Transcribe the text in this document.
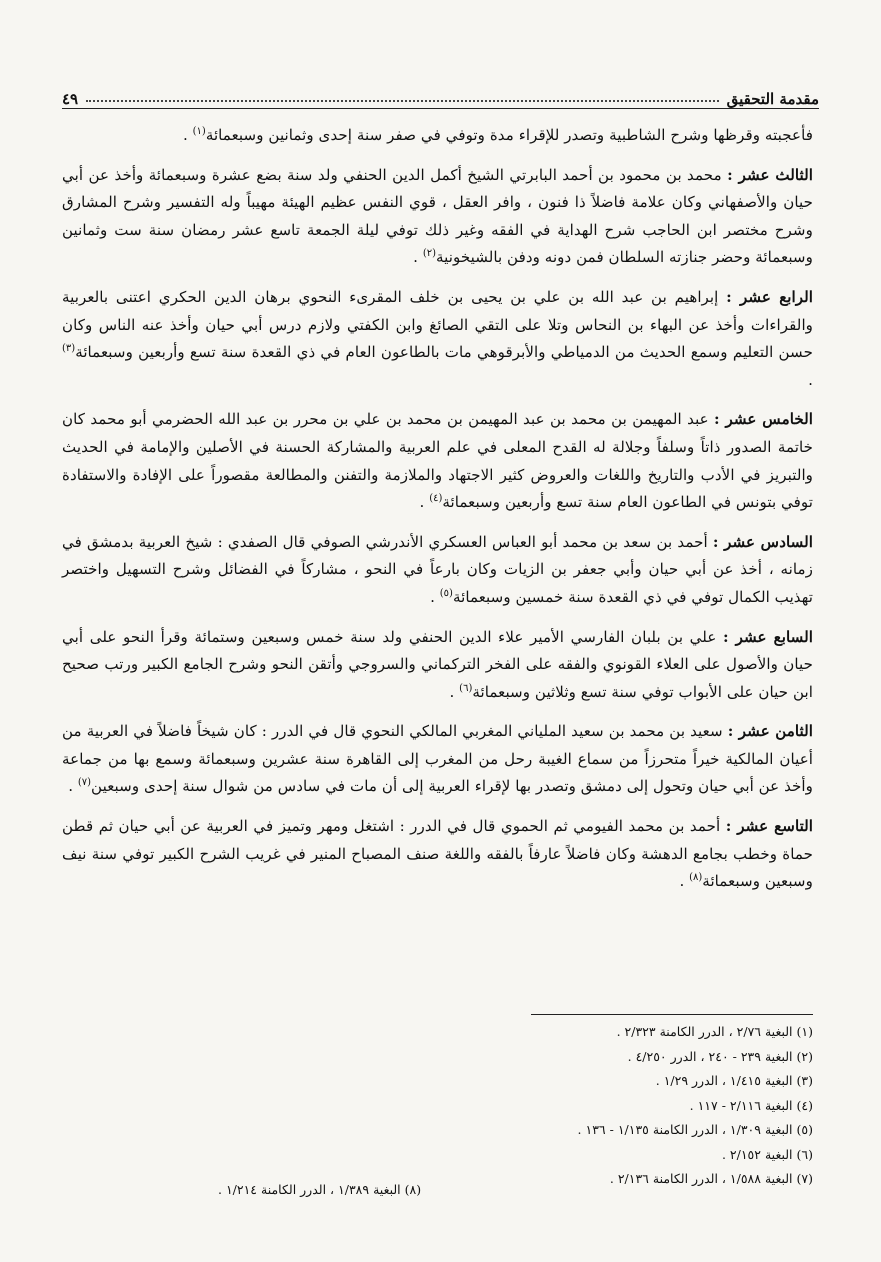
مقدمة التحقيق
٤٩

فأعجبته وقرظها وشرح الشاطبية وتصدر للإقراء مدة وتوفي في صفر سنة إحدى وثمانين وسبعمائة$^{(١)}$ .

الثالث عشر : محمد بن محمود بن أحمد البابرتي الشيخ أكمل الدين الحنفي ولد سنة بضع عشرة وسبعمائة وأخذ عن أبي حيان والأصفهاني وكان علامة فاضلاً ذا فنون ، وافر العقل ، قوي النفس عظيم الهيئة مهيباً وله التفسير وشرح المشارق وشرح مختصر ابن الحاجب شرح الهداية في الفقه وغير ذلك توفي ليلة الجمعة تاسع عشر رمضان سنة ست وثمانين وسبعمائة وحضر جنازته السلطان فمن دونه ودفن بالشيخونية$^{(٢)}$ .

الرابع عشر : إبراهيم بن عبد الله بن علي بن يحيى بن خلف المقرىء النحوي برهان الدين الحكري اعتنى بالعربية والقراءات وأخذ عن البهاء بن النحاس وتلا على التقي الصائغ وابن الكفتي ولازم درس أبي حيان وأخذ عنه الناس وكان حسن التعليم وسمع الحديث من الدمياطي والأبرقوهي مات بالطاعون العام في ذي القعدة سنة تسع وأربعين وسبعمائة$^{(٣)}$ .

الخامس عشر : عبد المهيمن بن محمد بن عبد المهيمن بن محمد بن علي بن محرر بن عبد الله الحضرمي أبو محمد كان خاتمة الصدور ذاتاً وسلفاً وجلالة له القدح المعلى في علم العربية والمشاركة الحسنة في الأصلين والإمامة في الحديث والتبريز في الأدب والتاريخ واللغات والعروض كثير الاجتهاد والملازمة والتفنن والمطالعة مقصوراً على الإفادة والاستفادة توفي بتونس في الطاعون العام سنة تسع وأربعين وسبعمائة$^{(٤)}$ .

السادس عشر : أحمد بن سعد بن محمد أبو العباس العسكري الأندرشي الصوفي قال الصفدي : شيخ العربية بدمشق في زمانه ، أخذ عن أبي حيان وأبي جعفر بن الزيات وكان بارعاً في النحو ، مشاركاً في الفضائل وشرح التسهيل واختصر تهذيب الكمال توفي في ذي القعدة سنة خمسين وسبعمائة$^{(٥)}$ .

السابع عشر : علي بن بلبان الفارسي الأمير علاء الدين الحنفي ولد سنة خمس وسبعين وستمائة وقرأ النحو على أبي حيان والأصول على العلاء القونوي والفقه على الفخر التركماني والسروجي وأتقن النحو وشرح الجامع الكبير ورتب صحيح ابن حيان على الأبواب توفي سنة تسع وثلاثين وسبعمائة$^{(٦)}$ .

الثامن عشر : سعيد بن محمد بن سعيد الملياني المغربي المالكي النحوي قال في الدرر : كان شيخاً فاضلاً في العربية من أعيان المالكية خيراً متحرزاً من سماع الغيبة رحل من المغرب إلى القاهرة سنة عشرين وسبعمائة وسمع بها من جماعة وأخذ عن أبي حيان وتحول إلى دمشق وتصدر بها لإقراء العربية إلى أن مات في سادس من شوال سنة إحدى وسبعين$^{(٧)}$ .

التاسع عشر : أحمد بن محمد الفيومي ثم الحموي قال في الدرر : اشتغل ومهر وتميز في العربية عن أبي حيان ثم قطن حماة وخطب بجامع الدهشة وكان فاضلاً عارفاً بالفقه واللغة صنف المصباح المنير في غريب الشرح الكبير توفي سنة نيف وسبعين وسبعمائة$^{(٨)}$ .

(١) البغية ٢/٧٦ ، الدرر الكامنة ٢/٣٢٣ .
(٢) البغية ٢٣٩ - ٢٤٠ ، الدرر ٤/٢٥٠ .
(٣) البغية ١/٤١٥ ، الدرر ١/٢٩ .
(٤) البغية ٢/١١٦ - ١١٧ .
(٥) البغية ١/٣٠٩ ، الدرر الكامنة ١/١٣٥ - ١٣٦ .
(٦) البغية ٢/١٥٢ .
(٧) البغية ١/٥٨٨ ، الدرر الكامنة ٢/١٣٦ .
(٨) البغية ١/٣٨٩ ، الدرر الكامنة ١/٢١٤ .
